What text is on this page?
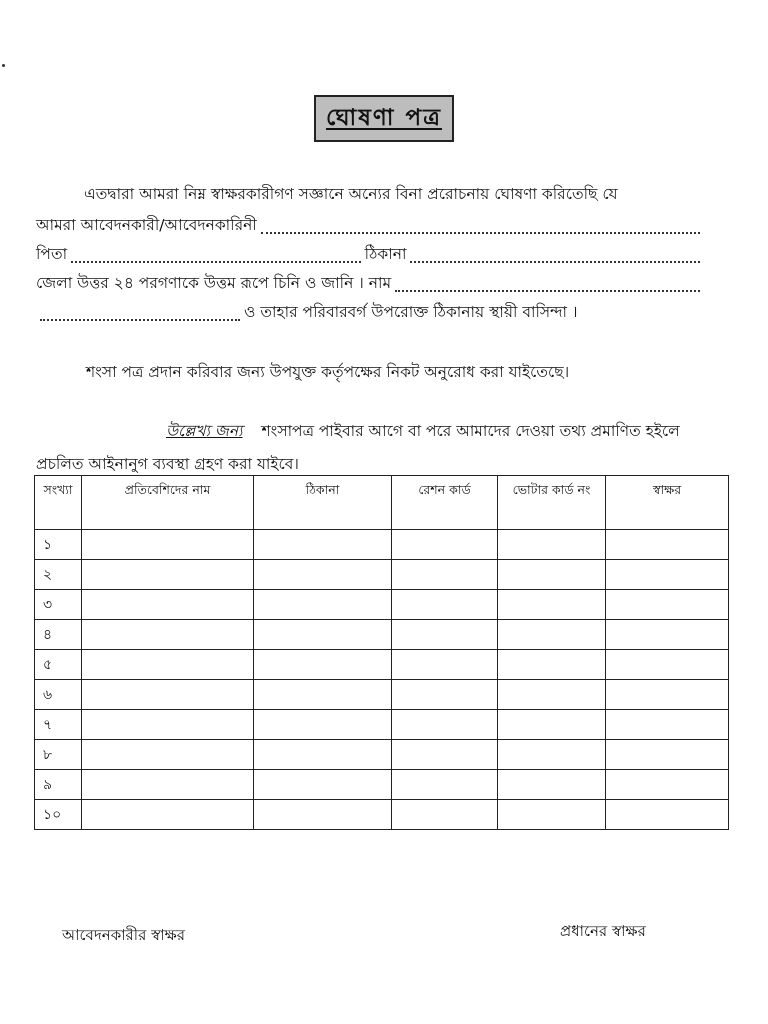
ঘোষণা পত্র
এতদ্বারা আমরা নিম্ন স্বাক্ষরকারীগণ সজ্ঞানে অন্যের বিনা প্ররোচনায় ঘোষণা করিতেছি যে
আমরা আবেদনকারী/আবেদনকারিনী
পিতা	ঠিকানা
জেলা উত্তর ২৪ পরগণাকে উত্তম রূপে চিনি ও জানি । নাম
ও তাহার পরিবারবর্গ উপরোক্ত ঠিকানায় স্থায়ী বাসিন্দা ।
শংসা পত্র প্রদান করিবার জন্য উপযুক্ত কর্তৃপক্ষের নিকট অনুরোধ করা যাইতেছে।
উল্লেখ্য জন্য শংসাপত্র পাইবার আগে বা পরে আমাদের দেওয়া তথ্য প্রমাণিত হইলে
প্রচলিত আইনানুগ ব্যবস্থা গ্রহণ করা যাইবে।
সংখ্যা	প্রতিবেশিদের নাম	ঠিকানা	রেশন কার্ড	ভোটার কার্ড নং	স্বাক্ষর
১					
২					
৩					
৪					
৫					
৬					
৭					
৮					
৯					
১০					
আবেদনকারীর স্বাক্ষর	প্রধানের স্বাক্ষর
